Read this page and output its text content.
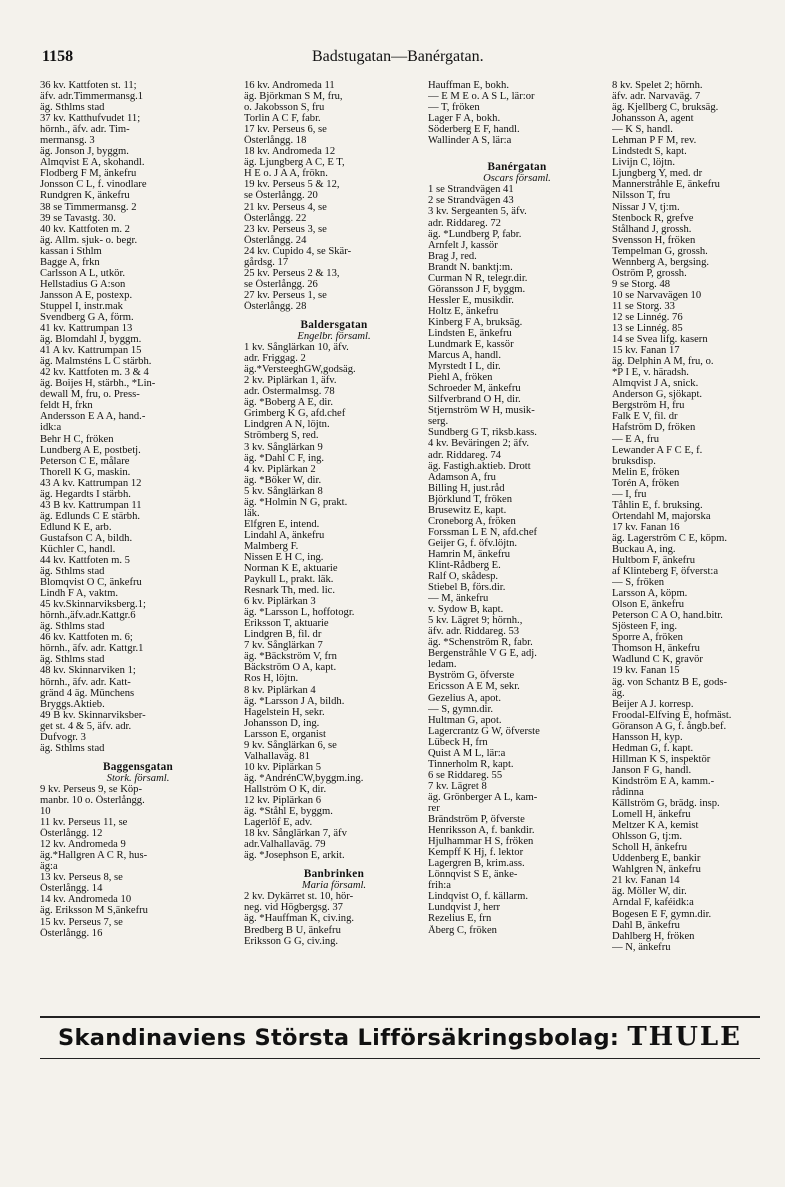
1158	Badstugatan—Banérgatan.
36 kv. Kattfoten st. 11;
äfv. adr.Timmermansg.1
äg. Sthlms stad
37 kv. Katthufvudet 11;
hörnh., äfv. adr. Tim-
mermansg. 3
äg. Jonson J, byggm.
Almqvist E A, skohandl.
Flodberg F M, änkefru
Jonsson C L, f. vinodlare
Rundgren K, änkefru
38 se Timmermansg. 2
39 se Tavastg. 30.
40 kv. Kattfoten m. 2
äg. Allm. sjuk- o. begr.
kassan i Sthlm
Bagge A, frkn
Carlsson A L, utkör.
Hellstadius G A:son
Jansson A E, postexp.
Stuppel I, instr.mak
Svendberg G A, förm.
41 kv. Kattrumpan 13
äg. Blomdahl J, byggm.
41 A kv. Kattrumpan 15
äg. Malmsténs L C stärbh.
42 kv. Kattfoten m. 3 & 4
äg. Boijes H, stärbh., *Lin-
dewall M, fru, o. Press-
feldt H, frkn
Andersson E A A, hand.-
idk:a
Behr H C, fröken
Lundberg A E, postbetj.
Peterson C E, målare
Thorell K G, maskin.
43 A kv. Kattrumpan 12
äg. Hegardts I stärbh.
43 B kv. Kattrumpan 11
äg. Edlunds C E stärbh.
Edlund K E, arb.
Gustafson C A, bildh.
Küchler C, handl.
44 kv. Kattfoten m. 5
äg. Sthlms stad
Blomqvist O C, änkefru
Lindh F A, vaktm.
45 kv.Skinnarviksberg.1;
hörnh.,äfv.adr.Kattgr.6
äg. Sthlms stad
46 kv. Kattfoten m. 6;
hörnh., äfv. adr. Kattgr.1
äg. Sthlms stad
48 kv. Skinnarviken 1;
hörnh., äfv. adr. Katt-
gränd 4 äg. Münchens
Bryggs.Aktieb.
49 B kv. Skinnarviksber-
get st. 4 & 5, äfv. adr.
Dufvogr. 3
äg. Sthlms stad
Baggensgatan
Stork. församl.
9 kv. Perseus 9, se Köp-
manbr. 10 o. Österlångg.
10
11 kv. Perseus 11, se
Österlångg. 12
12 kv. Andromeda 9
äg.*Hallgren A C R, hus-
äg:a
13 kv. Perseus 8, se
Österlångg. 14
14 kv. Andromeda 10
äg. Eriksson M S,änkefru
15 kv. Perseus 7, se
Österlångg. 16
16 kv. Andromeda 11
äg. Björkman S M, fru,
o. Jakobsson S, fru
Torlin A C F, fabr.
17 kv. Perseus 6, se
Österlångg. 18
18 kv. Andromeda 12
äg. Ljungberg A C, E T,
H E o. J A A, frökn.
19 kv. Perseus 5 & 12,
se Österlångg. 20
21 kv. Perseus 4, se
Österlångg. 22
23 kv. Perseus 3, se
Österlångg. 24
24 kv. Cupido 4, se Skär-
gårdsg. 17
25 kv. Perseus 2 & 13,
se Österlångg. 26
27 kv. Perseus 1, se
Österlångg. 28
Baldersgatan
Engelbr. församl.
1 kv. Sånglärkan 10, äfv.
adr. Friggag. 2
äg.*VersteeghGW,godsäg.
2 kv. Piplärkan 1, äfv.
adr. Östermalmsg. 78
äg. *Boberg A E, dir.
Grimberg K G, afd.chef
Lindgren A N, löjtn.
Strömberg S, red.
3 kv. Sånglärkan 9
äg. *Dahl C F, ing.
4 kv. Piplärkan 2
äg. *Böker W, dir.
5 kv. Sånglärkan 8
äg. *Holmin N G, prakt.
läk.
Elfgren E, intend.
Lindahl A, änkefru
Malmberg F.
Nissen E H C, ing.
Norman K E, aktuarie
Paykull L, prakt. läk.
Resnark Th, med. lic.
6 kv. Piplärkan 3
äg. *Larsson L, hoffotogr.
Eriksson T, aktuarie
Lindgren B, fil. dr
7 kv. Sånglärkan 7
äg. *Bäckström V, frn
Bäckström O A, kapt.
Ros H, löjtn.
8 kv. Piplärkan 4
äg. *Larsson J A, bildh.
Hagelstein H, sekr.
Johansson D, ing.
Larsson E, organist
9 kv. Sånglärkan 6, se
Valhallaväg. 81
10 kv. Piplärkan 5
äg. *AndrénCW,byggm.ing.
Hallström O K, dir.
12 kv. Piplärkan 6
äg. *Ståhl E, byggm.
Lagerlöf E, adv.
18 kv. Sånglärkan 7, äfv
adr.Valhallaväg. 79
äg. *Josephson E, arkit.
Banbrinken
Maria församl.
2 kv. Dykärret st. 10, hör-
neg. vid Högbergsg. 37
äg. *Hauffman K, civ.ing.
Bredberg B U, änkefru
Eriksson G G, civ.ing.
Hauffman E, bokh.
— E M E o. A S L, lär:or
— T, fröken
Lager F A, bokh.
Söderberg E F, handl.
Wallinder A S, lär:a
Banérgatan
Oscars församl.
1 se Strandvägen 41
2 se Strandvägen 43
3 kv. Sergeanten 5, äfv.
adr. Riddareg. 72
äg. *Lundberg P, fabr.
Arnfelt J, kassör
Brag J, red.
Brandt N. banktj:m.
Curman N R, telegr.dir.
Göransson J F, byggm.
Hessler E, musikdir.
Holtz E, änkefru
Kinberg F A, bruksäg.
Lindsten E, änkefru
Lundmark E, kassör
Marcus A, handl.
Myrstedt I L, dir.
Piehl A, fröken
Schroeder M, änkefru
Silfverbrand O H, dir.
Stjernström W H, musik-
serg.
Sundberg G T, riksb.kass.
4 kv. Beväringen 2; äfv.
adr. Riddareg. 74
äg. Fastigh.aktieb. Drott
Adamson A, fru
Billing H, just.råd
Björklund T, fröken
Brusewitz E, kapt.
Croneborg A, fröken
Forssman L E N, afd.chef
Geijer G, f. öfv.löjtn.
Hamrin M, änkefru
Klint-Rådberg E.
Ralf O, skådesp.
Stiebel B, förs.dir.
— M, änkefru
v. Sydow B, kapt.
5 kv. Lägret 9; hörnh.,
äfv. adr. Riddareg. 53
äg. *Schenström R, fabr.
Bergenstråhle V G E, adj.
ledam.
Byström G, öfverste
Ericsson A E M, sekr.
Gezelius A, apot.
— S, gymn.dir.
Hultman G, apot.
Lagercrantz G W, öfverste
Lübeck H, frn
Quist A M L, lär:a
Tinnerholm R, kapt.
6 se Riddareg. 55
7 kv. Lägret 8
äg. Grönberger A L, kam-
rer
Brändström P, öfverste
Henriksson A, f. bankdir.
Hjulhammar H S, fröken
Kempff K Hj, f. lektor
Lagergren B, krim.ass.
Lönnqvist S E, änke-
frih:a
Lindqvist O, f. källarm.
Lundqvist J, herr
Rezelius E, frn
Åberg C, fröken
8 kv. Spelet 2; hörnh.
äfv. adr. Narvaväg. 7
äg. Kjellberg C, bruksäg.
Johansson A, agent
— K S, handl.
Lehman P F M, rev.
Lindstedt S, kapt.
Livijn C, löjtn.
Ljungberg Y, med. dr
Mannerstråhle E, änkefru
Nilsson T, fru
Nissar J V, tj:m.
Stenbock R, grefve
Stålhand J, grossh.
Svensson H, fröken
Tempelman G, grossh.
Wennberg A, bergsing.
Öström P, grossh.
9 se Storg. 48
10 se Narvavägen 10
11 se Storg. 33
12 se Linnég. 76
13 se Linnég. 85
14 se Svea lifg. kasern
15 kv. Fanan 17
äg. Delphin A M, fru, o.
*P I E, v. häradsh.
Almqvist J A, snick.
Anderson G, sjökapt.
Bergström H, fru
Falk E V, fil. dr
Hafström D, fröken
— E A, fru
Lewander A F C E, f.
bruksdisp.
Melin E, fröken
Torén A, fröken
— I, fru
Tåhlin E, f. bruksing.
Örtendahl M, majorska
17 kv. Fanan 16
äg. Lagerström C E, köpm.
Buckau A, ing.
Hultbom F, änkefru
af Klinteberg F, öfverst:a
— S, fröken
Larsson A, köpm.
Olson E, änkefru
Peterson C A O, hand.bitr.
Sjösteen F, ing.
Sporre A, fröken
Thomson H, änkefru
Wadlund C K, gravör
19 kv. Fanan 15
äg. von Schantz B E, gods-
äg.
Beijer A J. korresp.
Froodal-Elfving E, hofmäst.
Göranson A G, f. ångb.bef.
Hansson H, kyp.
Hedman G, f. kapt.
Hillman K S, inspektör
Janson F G, handl.
Kindström E A, kamm.-
rådinna
Källström G, brädg. insp.
Lomell H, änkefru
Meltzer K A, kemist
Ohlsson G, tj:m.
Scholl H, änkefru
Uddenberg E, bankir
Wahlgren N, änkefru
21 kv. Fanan 14
äg. Möller W, dir.
Arndal F, kaféidk:a
Bogesen E F, gymn.dir.
Dahl B, änkefru
Dahlberg H, fröken
— N, änkefru
Skandinaviens Största Lifförsäkringsbolag: THULE
